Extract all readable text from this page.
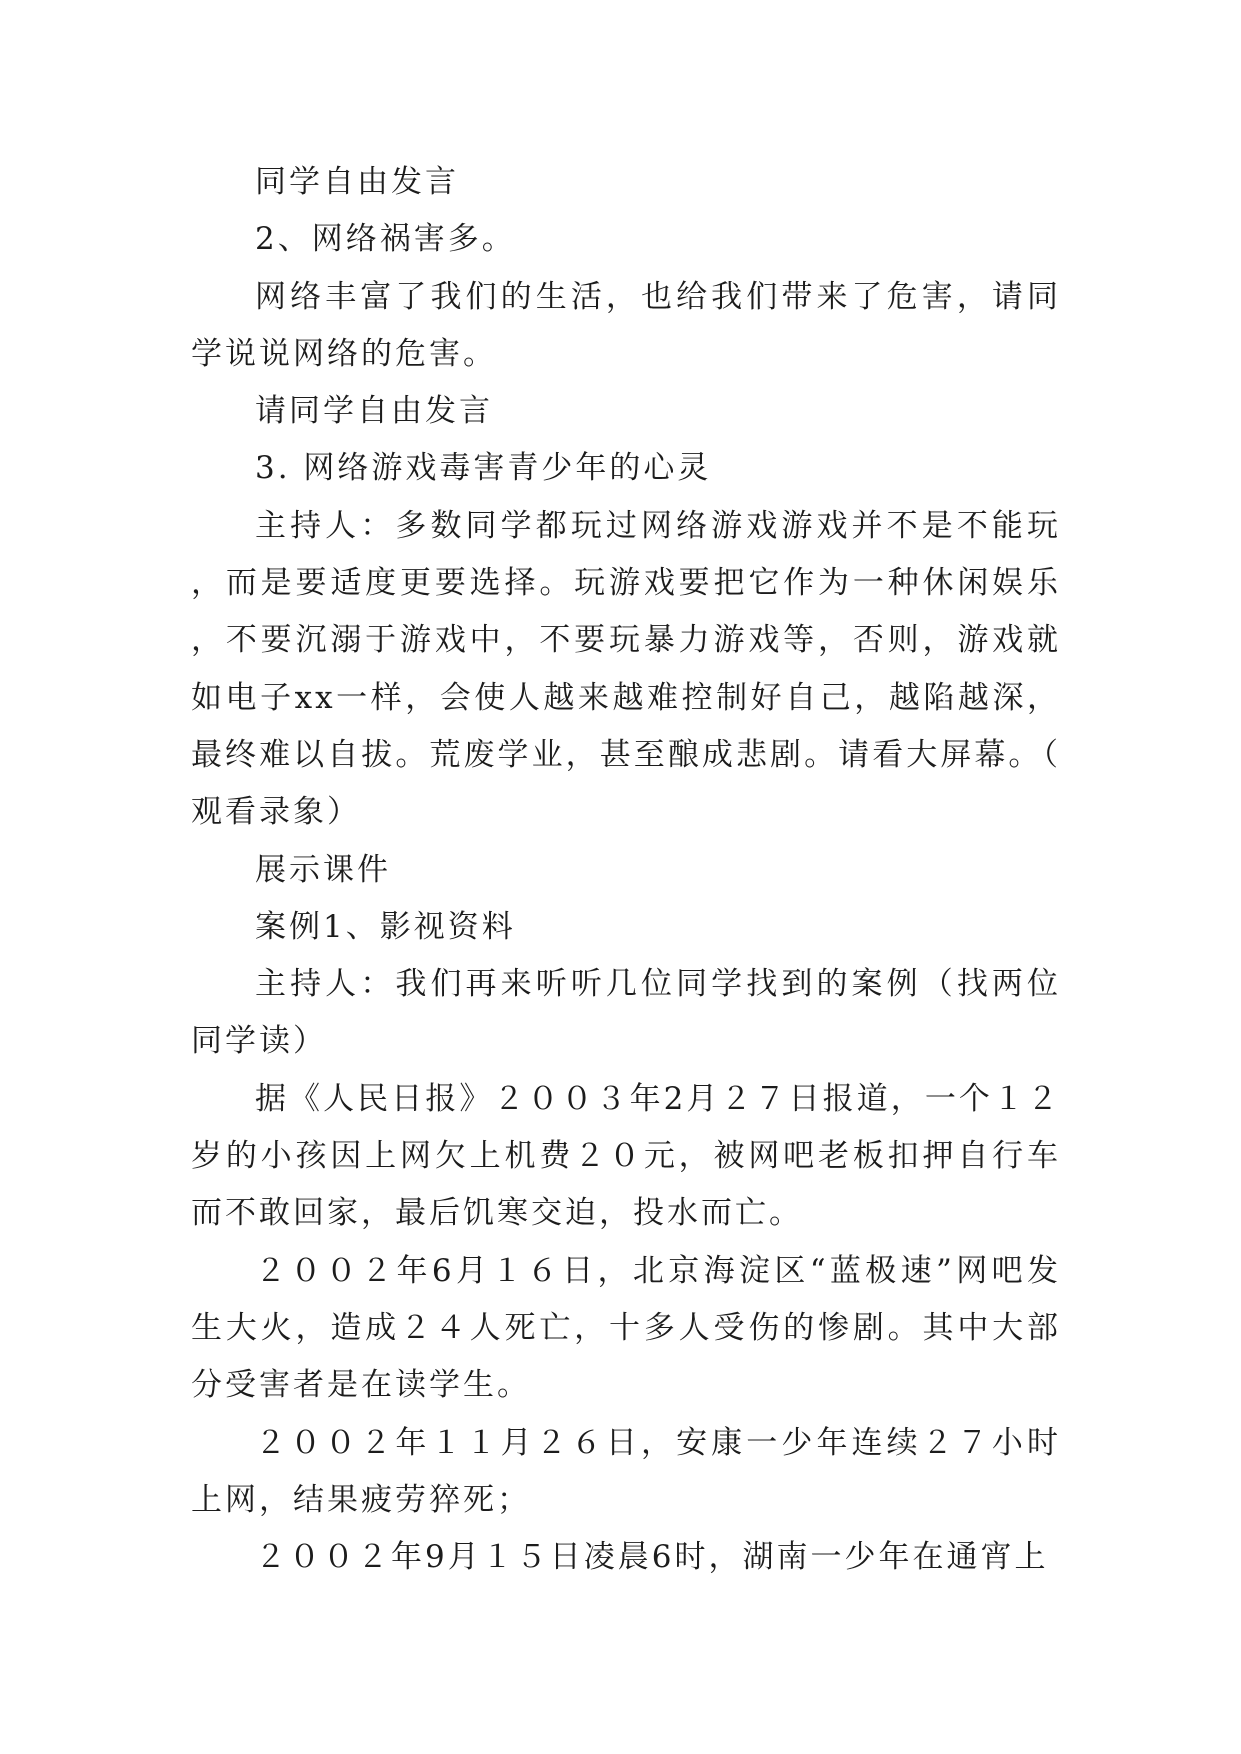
同学自由发言

2、网络祸害多。

网络丰富了我们的生活，也给我们带来了危害，请同学说说网络的危害。

请同学自由发言

3. 网络游戏毒害青少年的心灵

主持人：多数同学都玩过网络游戏游戏并不是不能玩，而是要适度更要选择。玩游戏要把它作为一种休闲娱乐，不要沉溺于游戏中，不要玩暴力游戏等，否则，游戏就如电子xx一样，会使人越来越难控制好自己，越陷越深，最终难以自拔。荒废学业，甚至酿成悲剧。请看大屏幕。（观看录象）

展示课件

案例1、影视资料

主持人：我们再来听听几位同学找到的案例（找两位同学读）

据《人民日报》２００３年2月２７日报道，一个１２岁的小孩因上网欠上机费２０元，被网吧老板扣押自行车而不敢回家，最后饥寒交迫，投水而亡。

２００２年6月１６日，北京海淀区“蓝极速”网吧发生大火，造成２４人死亡，十多人受伤的惨剧。其中大部分受害者是在读学生。

２００２年１１月２６日，安康一少年连续２７小时上网，结果疲劳猝死；

２００２年9月１５日凌晨6时，湖南一少年在通宵上
